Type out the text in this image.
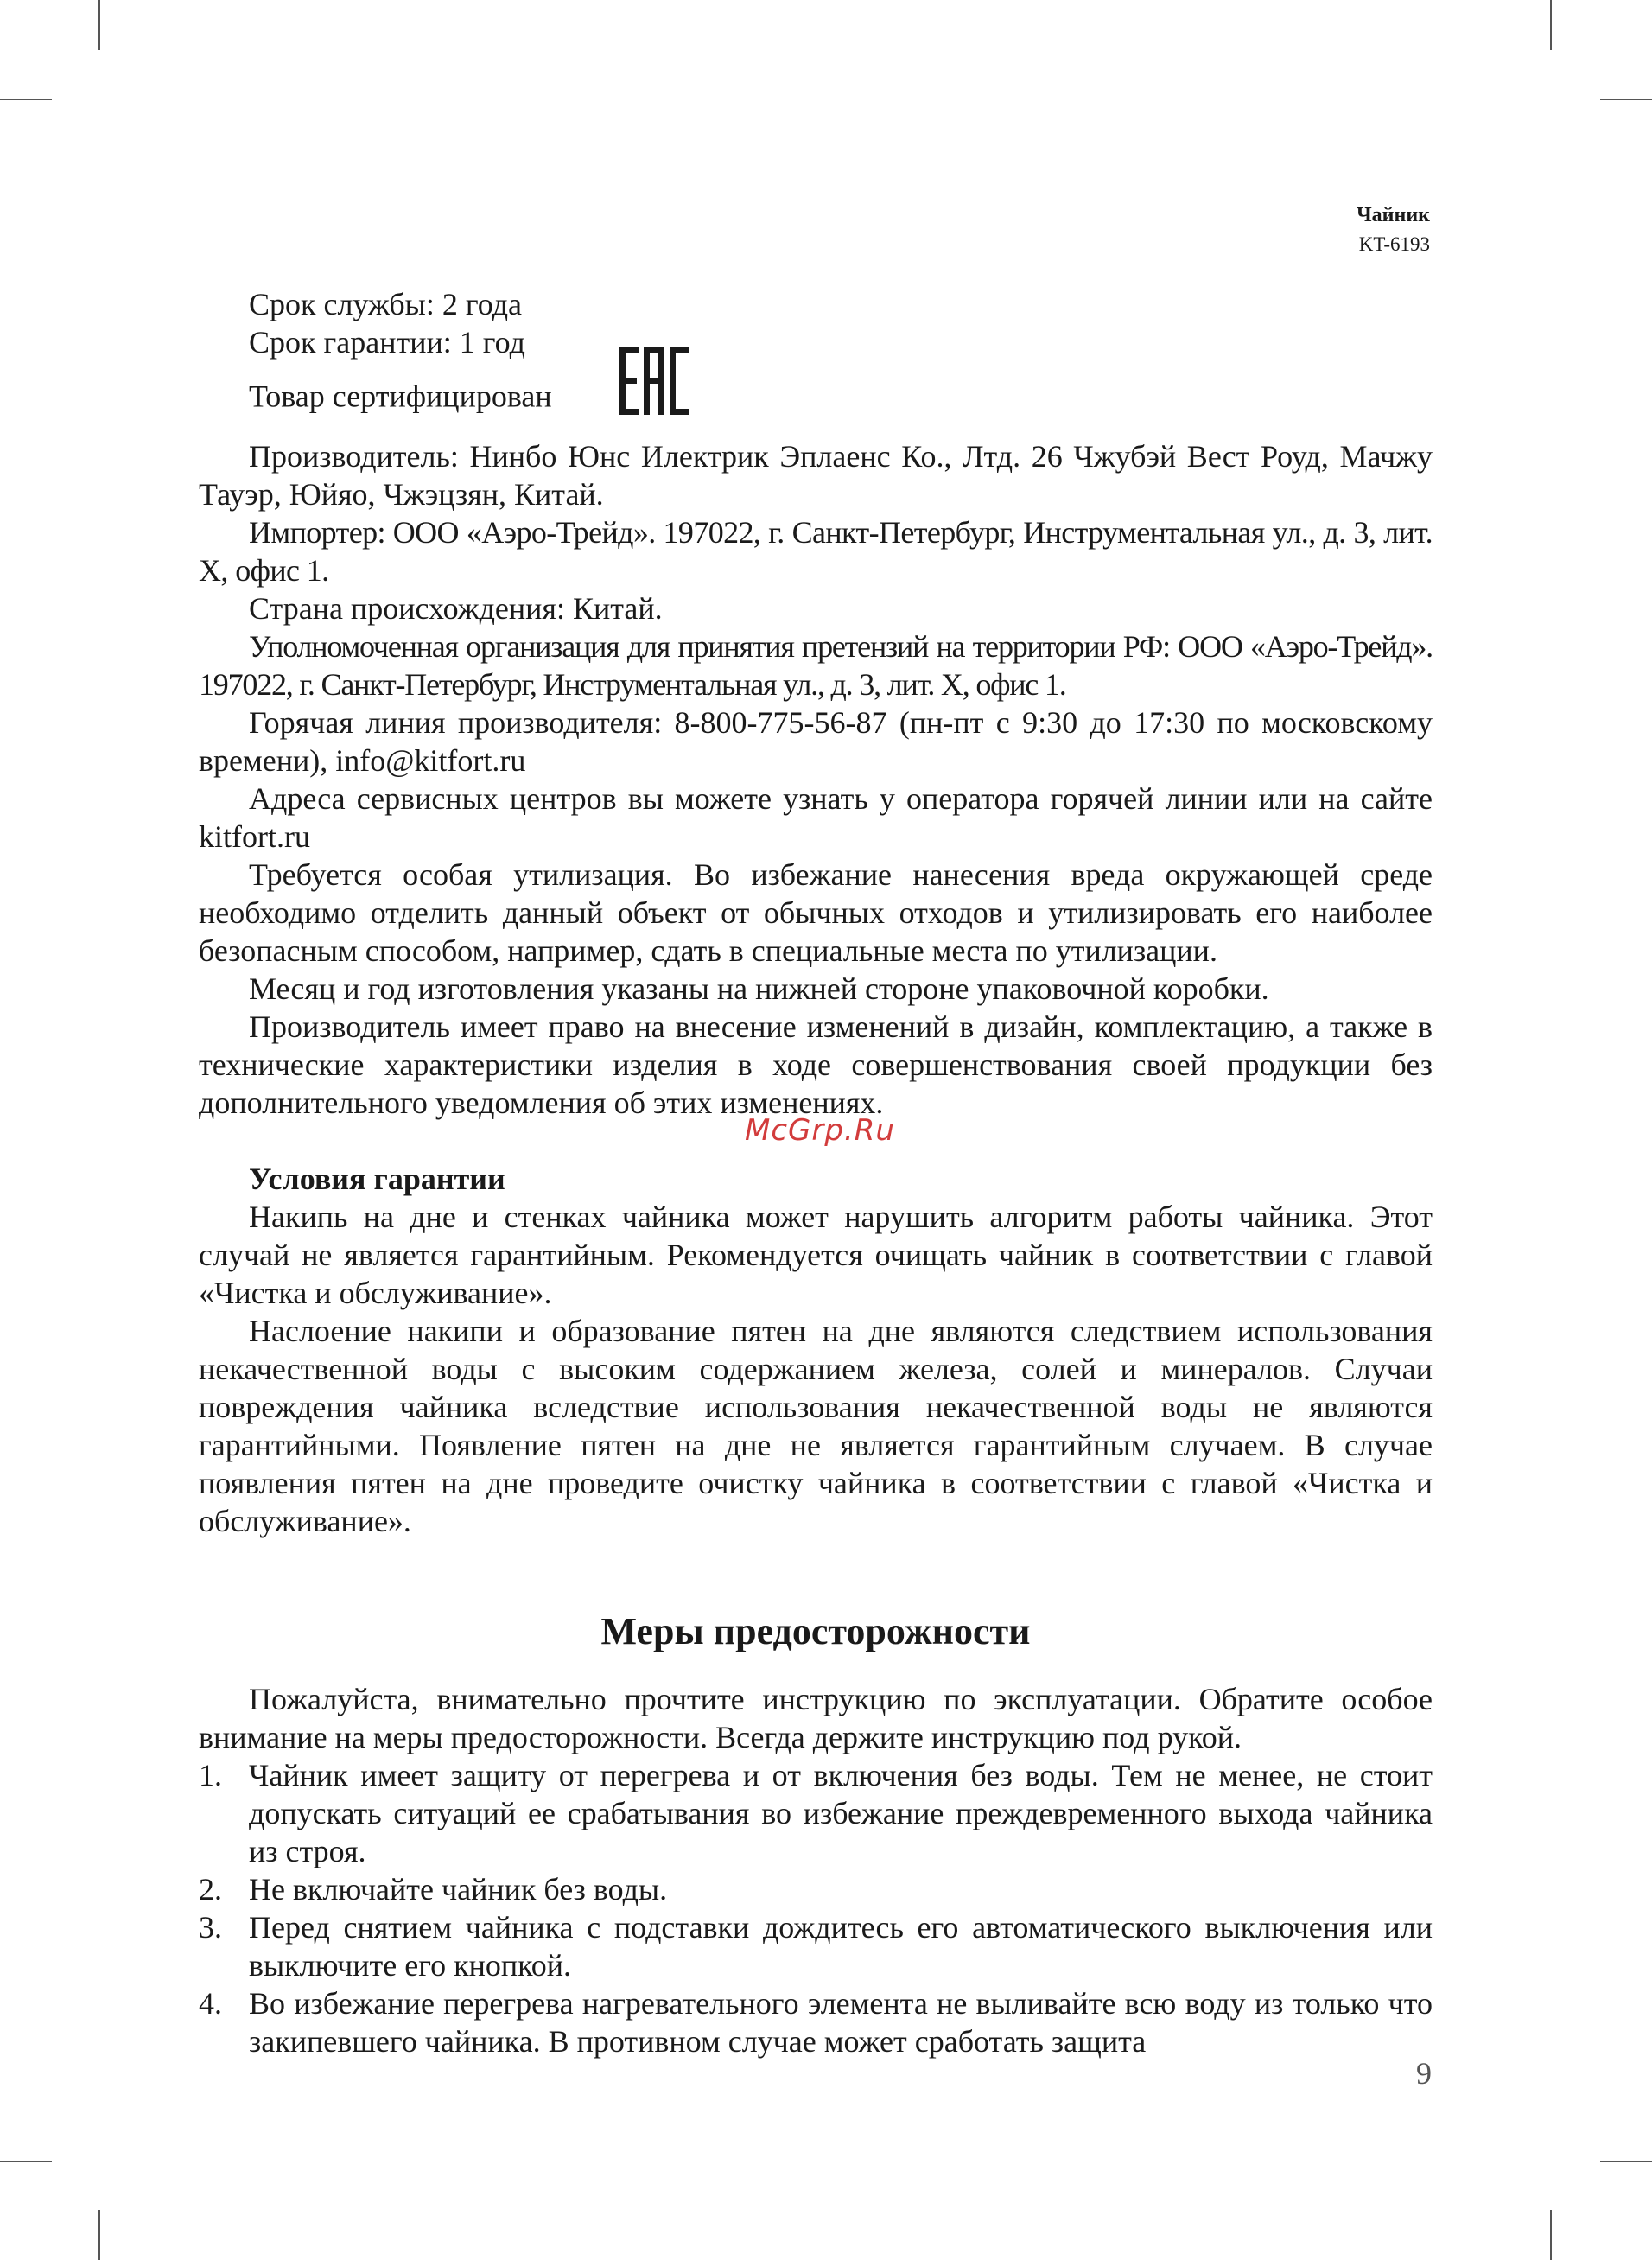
Чайник
KT-6193

Срок службы: 2 года

Срок гарантии: 1 год

Товар сертифицирован

Производитель: Нинбо Юнс Илектрик Эплаенс Ко., Лтд. 26 Чжубэй Вест Роуд, Мачжу Тауэр, Юйяо, Чжэцзян, Китай.

Импортер: ООО «Аэро-Трейд». 197022, г. Санкт-Петербург, Инструментальная ул., д. 3, лит. Х, офис 1.

Страна происхождения: Китай.

Уполномоченная организация для принятия претензий на территории РФ: ООО «Аэро-Трейд». 197022, г. Санкт-Петербург, Инструментальная ул., д. 3, лит. Х, офис 1.

Горячая линия производителя: 8-800-775-56-87 (пн-пт с 9:30 до 17:30 по московскому времени), info@kitfort.ru

Адреса сервисных центров вы можете узнать у оператора горячей линии или на сайте kitfort.ru

Требуется особая утилизация. Во избежание нанесения вреда окружающей среде необходимо отделить данный объект от обычных отходов и утилизировать его наиболее безопасным способом, например, сдать в специальные места по утилизации.

Месяц и год изготовления указаны на нижней стороне упаковочной коробки.

Производитель имеет право на внесение изменений в дизайн, комплектацию, а также в технические характеристики изделия в ходе совершенствования своей продукции без дополнительного уведомления об этих изменениях.

Условия гарантии

Накипь на дне и стенках чайника может нарушить алгоритм работы чайника. Этот случай не является гарантийным. Рекомендуется очищать чайник в соответствии с главой «Чистка и обслуживание».

Наслоение накипи и образование пятен на дне являются следствием использования некачественной воды с высоким содержанием железа, солей и минералов. Случаи повреждения чайника вследствие использования некачественной воды не являются гарантийными. Появление пятен на дне не является гарантийным случаем. В случае появления пятен на дне проведите очистку чайника в соответствии с главой «Чистка и обслуживание».

Меры предосторожности

Пожалуйста, внимательно прочтите инструкцию по эксплуатации. Обратите особое внимание на меры предосторожности. Всегда держите инструкцию под рукой.

1. Чайник имеет защиту от перегрева и от включения без воды. Тем не менее, не стоит допускать ситуаций ее срабатывания во избежание преждевременного выхода чайника из строя.
2. Не включайте чайник без воды.
3. Перед снятием чайника с подставки дождитесь его автоматического выключения или выключите его кнопкой.
4. Во избежание перегрева нагревательного элемента не выливайте всю воду из только что закипевшего чайника. В противном случае может сработать защита
McGrp.Ru
9
